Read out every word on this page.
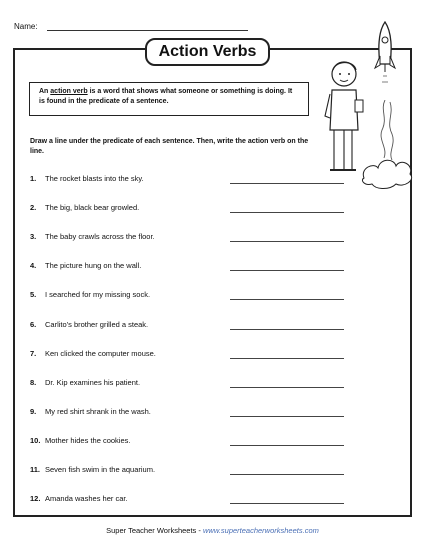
Name:
Action Verbs
An action verb is a word that shows what someone or something is doing. It is found in the predicate of a sentence.
Draw a line under the predicate of each sentence. Then, write the action verb on the line.
1. The rocket blasts into the sky.
2. The big, black bear growled.
3. The baby crawls across the floor.
4. The picture hung on the wall.
5. I searched for my missing sock.
6. Carlito's brother grilled a steak.
7. Ken clicked the computer mouse.
8. Dr. Kip examines his patient.
9. My red shirt shrank in the wash.
10. Mother hides the cookies.
11. Seven fish swim in the aquarium.
12. Amanda washes her car.
Super Teacher Worksheets - www.superteacherworksheets.com
